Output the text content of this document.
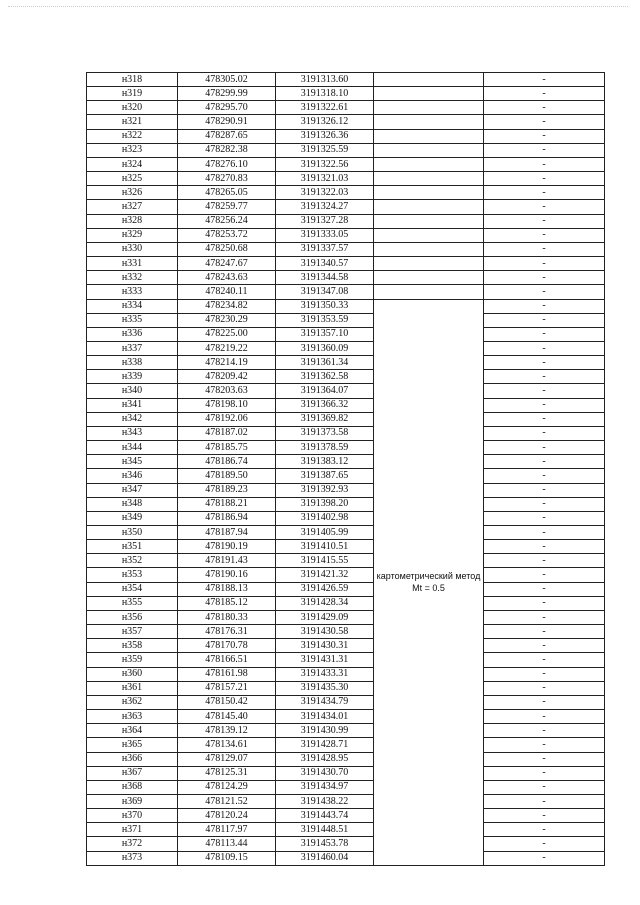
н318	478305.02	3191313.60		-
н319	478299.99	3191318.10		-
н320	478295.70	3191322.61		-
н321	478290.91	3191326.12		-
н322	478287.65	3191326.36		-
н323	478282.38	3191325.59		-
н324	478276.10	3191322.56		-
н325	478270.83	3191321.03		-
н326	478265.05	3191322.03		-
н327	478259.77	3191324.27		-
н328	478256.24	3191327.28		-
н329	478253.72	3191333.05		-
н330	478250.68	3191337.57		-
н331	478247.67	3191340.57		-
н332	478243.63	3191344.58		-
н333	478240.11	3191347.08		-
н334	478234.82	3191350.33	картометрический метод Mt = 0.5	-
н335	478230.29	3191353.59		-
н336	478225.00	3191357.10		-
н337	478219.22	3191360.09		-
н338	478214.19	3191361.34		-
н339	478209.42	3191362.58		-
н340	478203.63	3191364.07		-
н341	478198.10	3191366.32		-
н342	478192.06	3191369.82		-
н343	478187.02	3191373.58		-
н344	478185.75	3191378.59		-
н345	478186.74	3191383.12		-
н346	478189.50	3191387.65		-
н347	478189.23	3191392.93		-
н348	478188.21	3191398.20		-
н349	478186.94	3191402.98		-
н350	478187.94	3191405.99		-
н351	478190.19	3191410.51		-
н352	478191.43	3191415.55		-
н353	478190.16	3191421.32		-
н354	478188.13	3191426.59		-
н355	478185.12	3191428.34		-
н356	478180.33	3191429.09		-
н357	478176.31	3191430.58		-
н358	478170.78	3191430.31		-
н359	478166.51	3191431.31		-
н360	478161.98	3191433.31		-
н361	478157.21	3191435.30		-
н362	478150.42	3191434.79		-
н363	478145.40	3191434.01		-
н364	478139.12	3191430.99		-
н365	478134.61	3191428.71		-
н366	478129.07	3191428.95		-
н367	478125.31	3191430.70		-
н368	478124.29	3191434.97		-
н369	478121.52	3191438.22		-
н370	478120.24	3191443.74		-
н371	478117.97	3191448.51		-
н372	478113.44	3191453.78		-
н373	478109.15	3191460.04		-
